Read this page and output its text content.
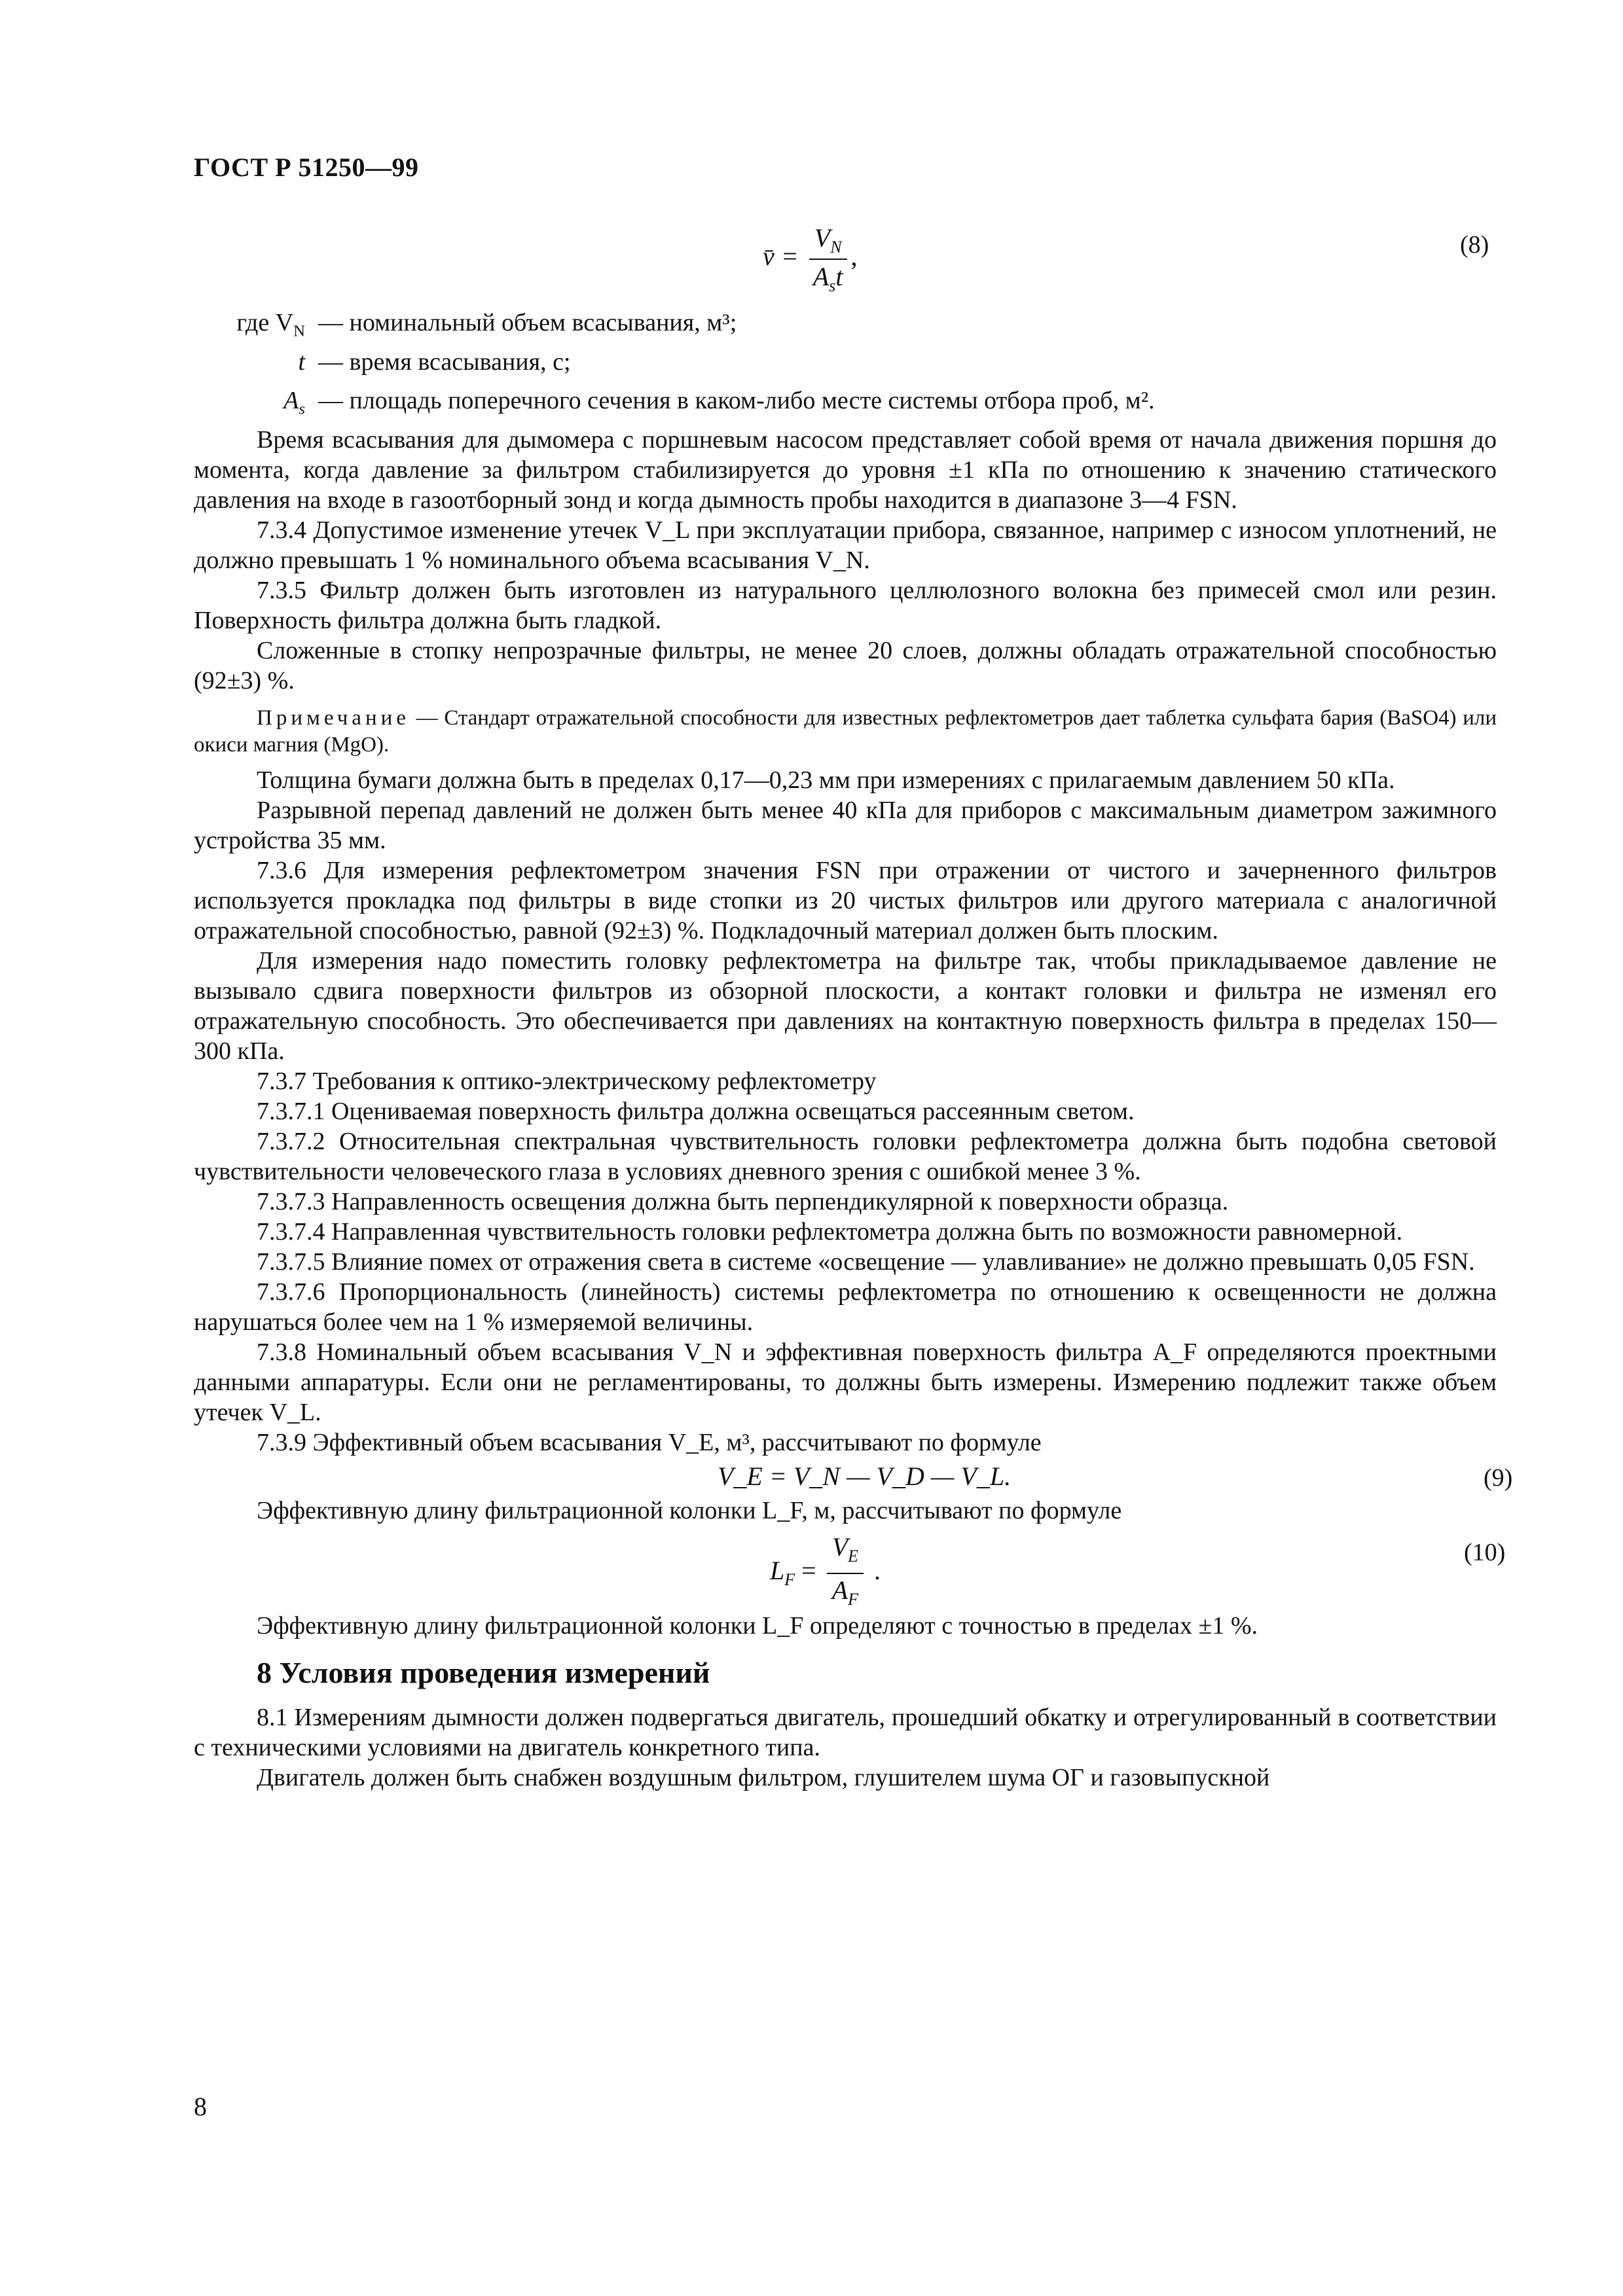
ГОСТ Р 51250—99
v̄ = $\frac{V_N}{A_st}$ ,	(8)
где $V_N$ — номинальный объем всасывания, м³;
t — время всасывания, с;
$A_s$ — площадь поперечного сечения в каком-либо месте системы отбора проб, м².

Время всасывания для дымомера с поршневым насосом представляет собой время от начала движения поршня до момента, когда давление за фильтром стабилизируется до уровня ±1 кПа по отношению к значению статического давления на входе в газоотборный зонд и когда дымность пробы находится в диапазоне 3—4 FSN.

7.3.4 Допустимое изменение утечек V_L при эксплуатации прибора, связанное, например с износом уплотнений, не должно превышать 1 % номинального объема всасывания V_N.

7.3.5 Фильтр должен быть изготовлен из натурального целлюлозного волокна без примесей смол или резин. Поверхность фильтра должна быть гладкой.

Сложенные в стопку непрозрачные фильтры, не менее 20 слоев, должны обладать отражательной способностью (92±3) %.

Примечание — Стандарт отражательной способности для известных рефлектометров дает таблетка сульфата бария (BaSO4) или окиси магния (MgO).

Толщина бумаги должна быть в пределах 0,17—0,23 мм при измерениях с прилагаемым давлением 50 кПа.

Разрывной перепад давлений не должен быть менее 40 кПа для приборов с максимальным диаметром зажимного устройства 35 мм.

7.3.6 Для измерения рефлектометром значения FSN при отражении от чистого и зачерненного фильтров используется прокладка под фильтры в виде стопки из 20 чистых фильтров или другого материала с аналогичной отражательной способностью, равной (92±3) %. Подкладочный материал должен быть плоским.

Для измерения надо поместить головку рефлектометра на фильтре так, чтобы прикладываемое давление не вызывало сдвига поверхности фильтров из обзорной плоскости, а контакт головки и фильтра не изменял его отражательную способность. Это обеспечивается при давлениях на контактную поверхность фильтра в пределах 150—300 кПа.

7.3.7 Требования к оптико-электрическому рефлектометру

7.3.7.1 Оцениваемая поверхность фильтра должна освещаться рассеянным светом.

7.3.7.2 Относительная спектральная чувствительность головки рефлектометра должна быть подобна световой чувствительности человеческого глаза в условиях дневного зрения с ошибкой менее 3 %.

7.3.7.3 Направленность освещения должна быть перпендикулярной к поверхности образца.

7.3.7.4 Направленная чувствительность головки рефлектометра должна быть по возможности равномерной.

7.3.7.5 Влияние помех от отражения света в системе «освещение — улавливание» не должно превышать 0,05 FSN.

7.3.7.6 Пропорциональность (линейность) системы рефлектометра по отношению к освещенности не должна нарушаться более чем на 1 % измеряемой величины.

7.3.8 Номинальный объем всасывания V_N и эффективная поверхность фильтра A_F определяются проектными данными аппаратуры. Если они не регламентированы, то должны быть измерены. Измерению подлежит также объем утечек V_L.

7.3.9 Эффективный объем всасывания V_E, м³, рассчитывают по формуле

V_E = V_N — V_D — V_L.	(9)

Эффективную длину фильтрационной колонки L_F, м, рассчитывают по формуле

$L_F = \frac{V_E}{A_F}$ .
(10)

Эффективную длину фильтрационной колонки L_F определяют с точностью в пределах ±1 %.

8 Условия проведения измерений

8.1 Измерениям дымности должен подвергаться двигатель, прошедший обкатку и отрегулированный в соответствии с техническими условиями на двигатель конкретного типа.

Двигатель должен быть снабжен воздушным фильтром, глушителем шума ОГ и газовыпускной

8
